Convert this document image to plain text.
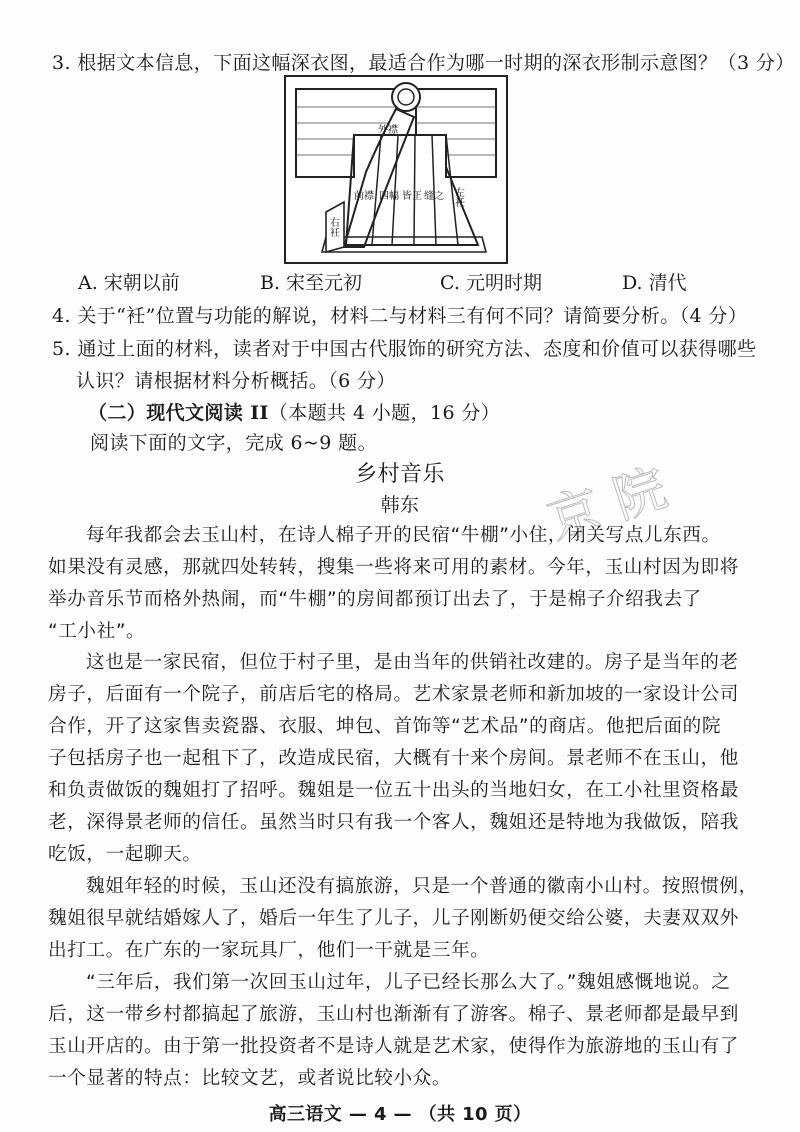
3. 根据文本信息，下面这幅深衣图，最适合作为哪一时期的深衣形制示意图？（3 分）
外襟
前襟 四幅 皆正 缝之 左衽
右衽
A. 宋朝以前	B. 宋至元初	C. 元明时期	D. 清代
4. 关于“衽”位置与功能的解说，材料二与材料三有何不同？请简要分析。（4 分）
5. 通过上面的材料，读者对于中国古代服饰的研究方法、态度和价值可以获得哪些
认识？请根据材料分析概括。（6 分）
（二）现代文阅读 II（本题共 4 小题，16 分）
阅读下面的文字，完成 6~9 题。
乡村音乐
韩东	京 院
每年我都会去玉山村，在诗人棉子开的民宿“牛棚”小住，闭关写点儿东西。
如果没有灵感，那就四处转转，搜集一些将来可用的素材。今年，玉山村因为即将
举办音乐节而格外热闹，而“牛棚”的房间都预订出去了，于是棉子介绍我去了
“工小社”。
这也是一家民宿，但位于村子里，是由当年的供销社改建的。房子是当年的老
房子，后面有一个院子，前店后宅的格局。艺术家景老师和新加坡的一家设计公司
合作，开了这家售卖瓷器、衣服、坤包、首饰等“艺术品”的商店。他把后面的院
子包括房子也一起租下了，改造成民宿，大概有十来个房间。景老师不在玉山，他
和负责做饭的魏姐打了招呼。魏姐是一位五十出头的当地妇女，在工小社里资格最
老，深得景老师的信任。虽然当时只有我一个客人，魏姐还是特地为我做饭，陪我
吃饭，一起聊天。
魏姐年轻的时候，玉山还没有搞旅游，只是一个普通的徽南小山村。按照惯例，
魏姐很早就结婚嫁人了，婚后一年生了儿子，儿子刚断奶便交给公婆，夫妻双双外
出打工。在广东的一家玩具厂，他们一干就是三年。
“三年后，我们第一次回玉山过年，儿子已经长那么大了。”魏姐感慨地说。之
后，这一带乡村都搞起了旅游，玉山村也渐渐有了游客。棉子、景老师都是最早到
玉山开店的。由于第一批投资者不是诗人就是艺术家，使得作为旅游地的玉山有了
一个显著的特点：比较文艺，或者说比较小众。
高三语文 — 4 — （共 10 页）
